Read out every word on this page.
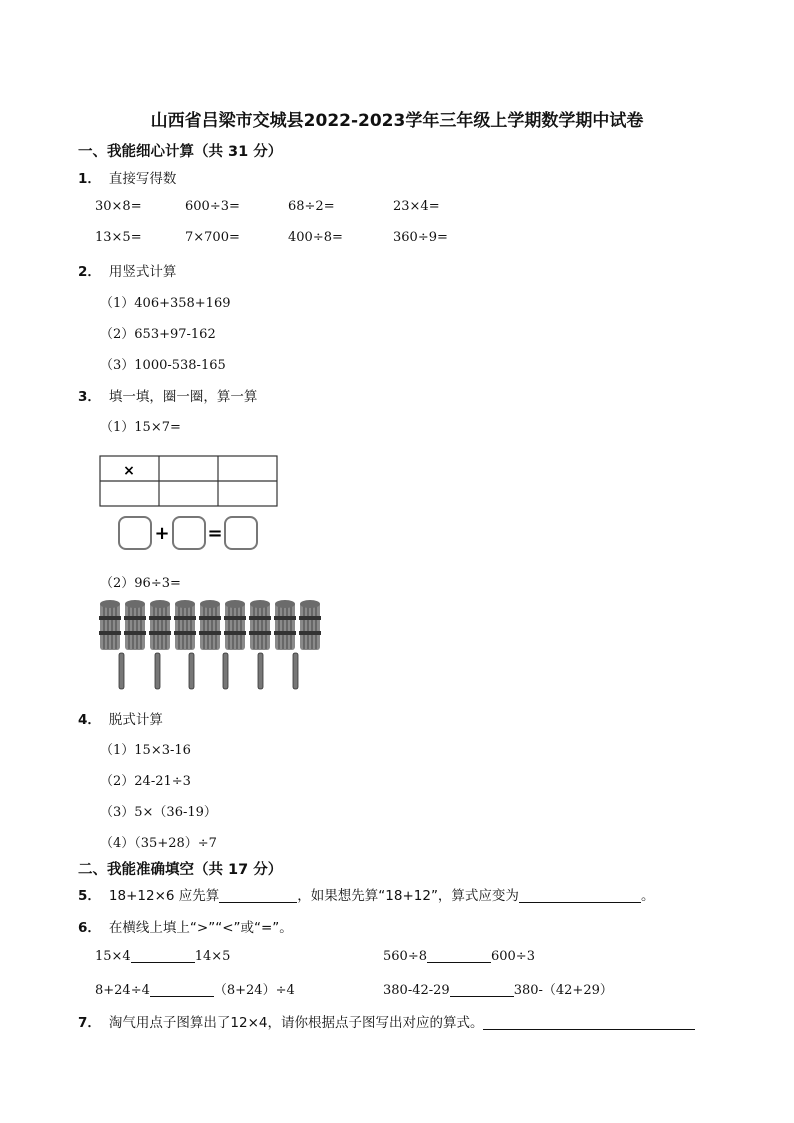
山西省吕梁市交城县2022-2023学年三年级上学期数学期中试卷
一、我能细心计算（共 31 分）
1． 直接写得数
30×8=	600÷3=	68÷2=	23×4=
13×5=	7×700=	400÷8=	360÷9=
2． 用竖式计算
（1）406+358+169
（2）653+97-162
（3）1000-538-165
3． 填一填，圈一圈，算一算
（1）15×7=
×
+ =
（2）96÷3=
4． 脱式计算
（1）15×3-16
（2）24-21÷3
（3）5×（36-19）
（4）（35+28）÷7
二、我能准确填空（共 17 分）
5． 18+12×6 应先算	，如果想先算“18+12”，算式应变为	。
6． 在横线上填上“>”“<”或“=”。
15×4	14×5	560÷8	600÷3
8+24÷4	（8+24）÷4	380-42-29	380-（42+29）
7． 淘气用点子图算出了12×4，请你根据点子图写出对应的算式。
